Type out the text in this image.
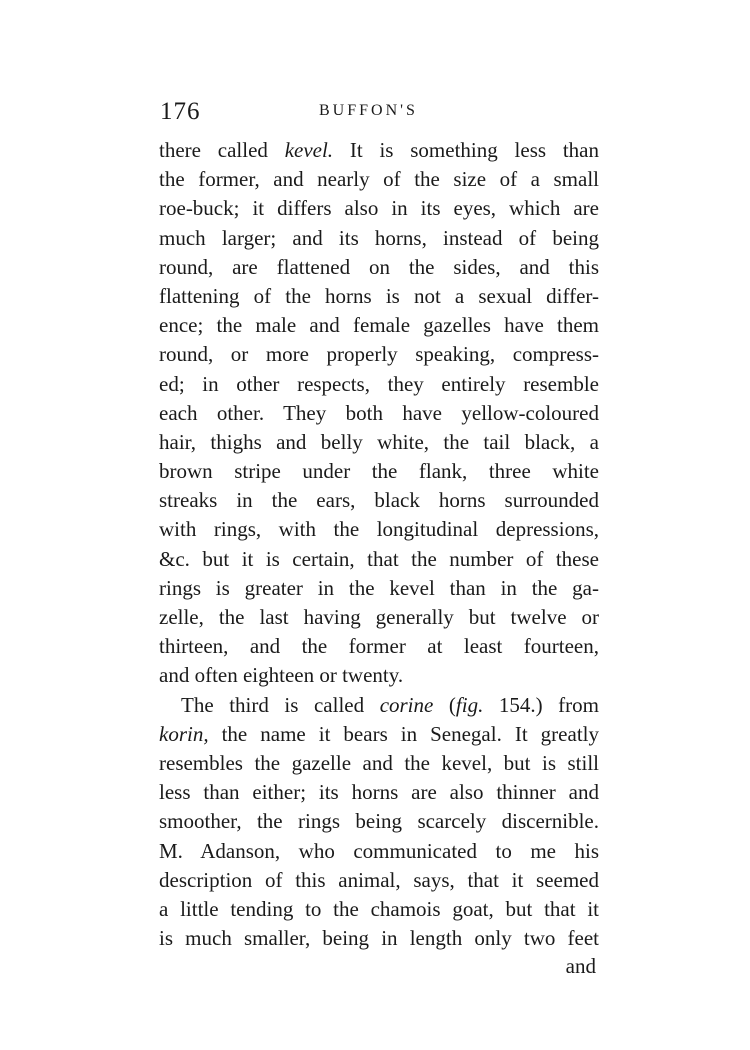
176	BUFFON'S
there called kevel. It is something less than
the former, and nearly of the size of a small
roe-buck; it differs also in its eyes, which are
much larger; and its horns, instead of being
round, are flattened on the sides, and this
flattening of the horns is not a sexual differ-
ence; the male and female gazelles have them
round, or more properly speaking, compress-
ed; in other respects, they entirely resemble
each other. They both have yellow-coloured
hair, thighs and belly white, the tail black, a
brown stripe under the flank, three white
streaks in the ears, black horns surrounded
with rings, with the longitudinal depressions,
&c. but it is certain, that the number of these
rings is greater in the kevel than in the ga-
zelle, the last having generally but twelve or
thirteen, and the former at least fourteen,
and often eighteen or twenty.
The third is called corine (fig. 154.) from
korin, the name it bears in Senegal. It greatly
resembles the gazelle and the kevel, but is still
less than either; its horns are also thinner and
smoother, the rings being scarcely discernible.
M. Adanson, who communicated to me his
description of this animal, says, that it seemed
a little tending to the chamois goat, but that it
is much smaller, being in length only two feet
and
